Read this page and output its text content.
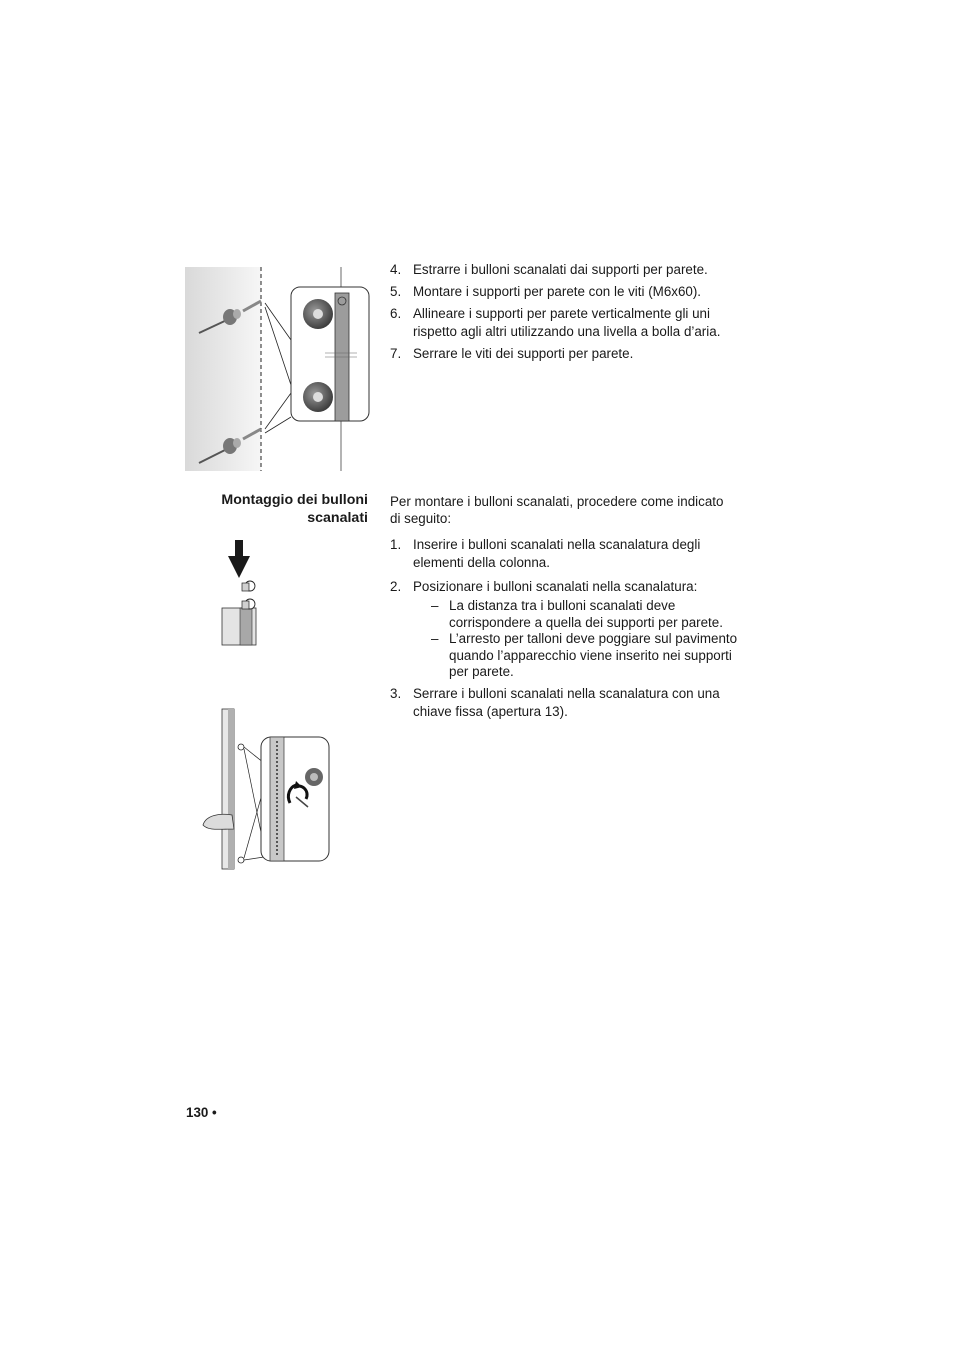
4. Estrarre i bulloni scanalati dai supporti per parete.
5. Montare i supporti per parete con le viti (M6x60).
6. Allineare i supporti per parete verticalmente gli uni rispetto agli altri utilizzando una livella a bolla d’aria.
7. Serrare le viti dei supporti per parete.
Montaggio dei bulloni scanalati

Per montare i bulloni scanalati, procedere come indicato di seguito:

1. Inserire i bulloni scanalati nella scanalatura degli elementi della colonna.
2. Posizionare i bulloni scanalati nella scanalatura:
– La distanza tra i bulloni scanalati deve corrispondere a quella dei supporti per parete.
– L’arresto per talloni deve poggiare sul pavimento quando l’apparecchio viene inserito nei supporti per parete.
3. Serrare i bulloni scanalati nella scanalatura con una chiave fissa (apertura 13).
130 •
